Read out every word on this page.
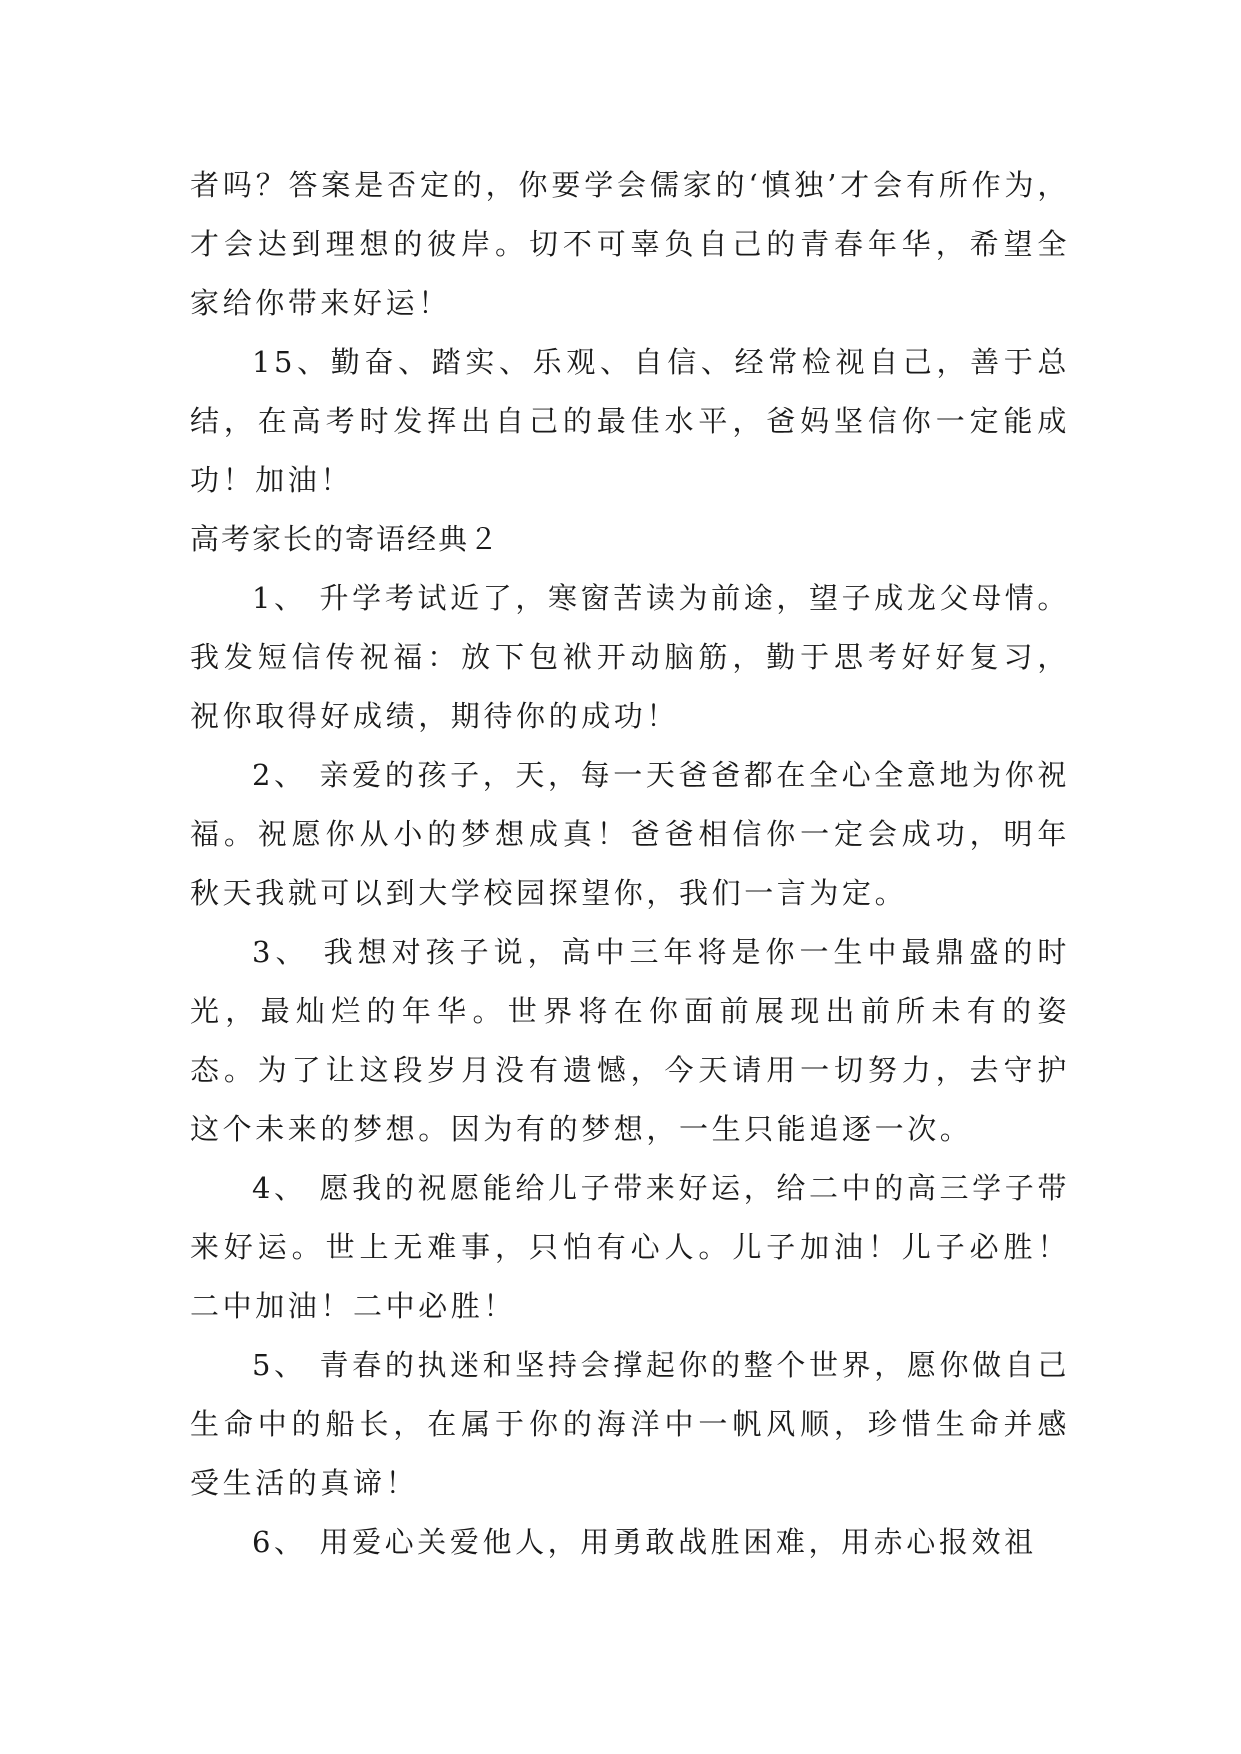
者吗？答案是否定的，你要学会儒家的‘慎独’才会有所作为，才会达到理想的彼岸。切不可辜负自己的青春年华，希望全家给你带来好运！

15、勤奋、踏实、乐观、自信、经常检视自己，善于总结，在高考时发挥出自己的最佳水平，爸妈坚信你一定能成功！加油！

高考家长的寄语经典２

1、 升学考试近了，寒窗苦读为前途，望子成龙父母情。我发短信传祝福：放下包袱开动脑筋，勤于思考好好复习，祝你取得好成绩，期待你的成功！

2、 亲爱的孩子，天，每一天爸爸都在全心全意地为你祝福。祝愿你从小的梦想成真！爸爸相信你一定会成功，明年秋天我就可以到大学校园探望你，我们一言为定。

3、 我想对孩子说，高中三年将是你一生中最鼎盛的时光，最灿烂的年华。世界将在你面前展现出前所未有的姿态。为了让这段岁月没有遗憾，今天请用一切努力，去守护这个未来的梦想。因为有的梦想，一生只能追逐一次。

4、 愿我的祝愿能给儿子带来好运，给二中的高三学子带来好运。世上无难事，只怕有心人。儿子加油！儿子必胜！二中加油！二中必胜！

5、 青春的执迷和坚持会撑起你的整个世界，愿你做自己生命中的船长，在属于你的海洋中一帆风顺，珍惜生命并感受生活的真谛！

6、 用爱心关爱他人，用勇敢战胜困难，用赤心报效祖
